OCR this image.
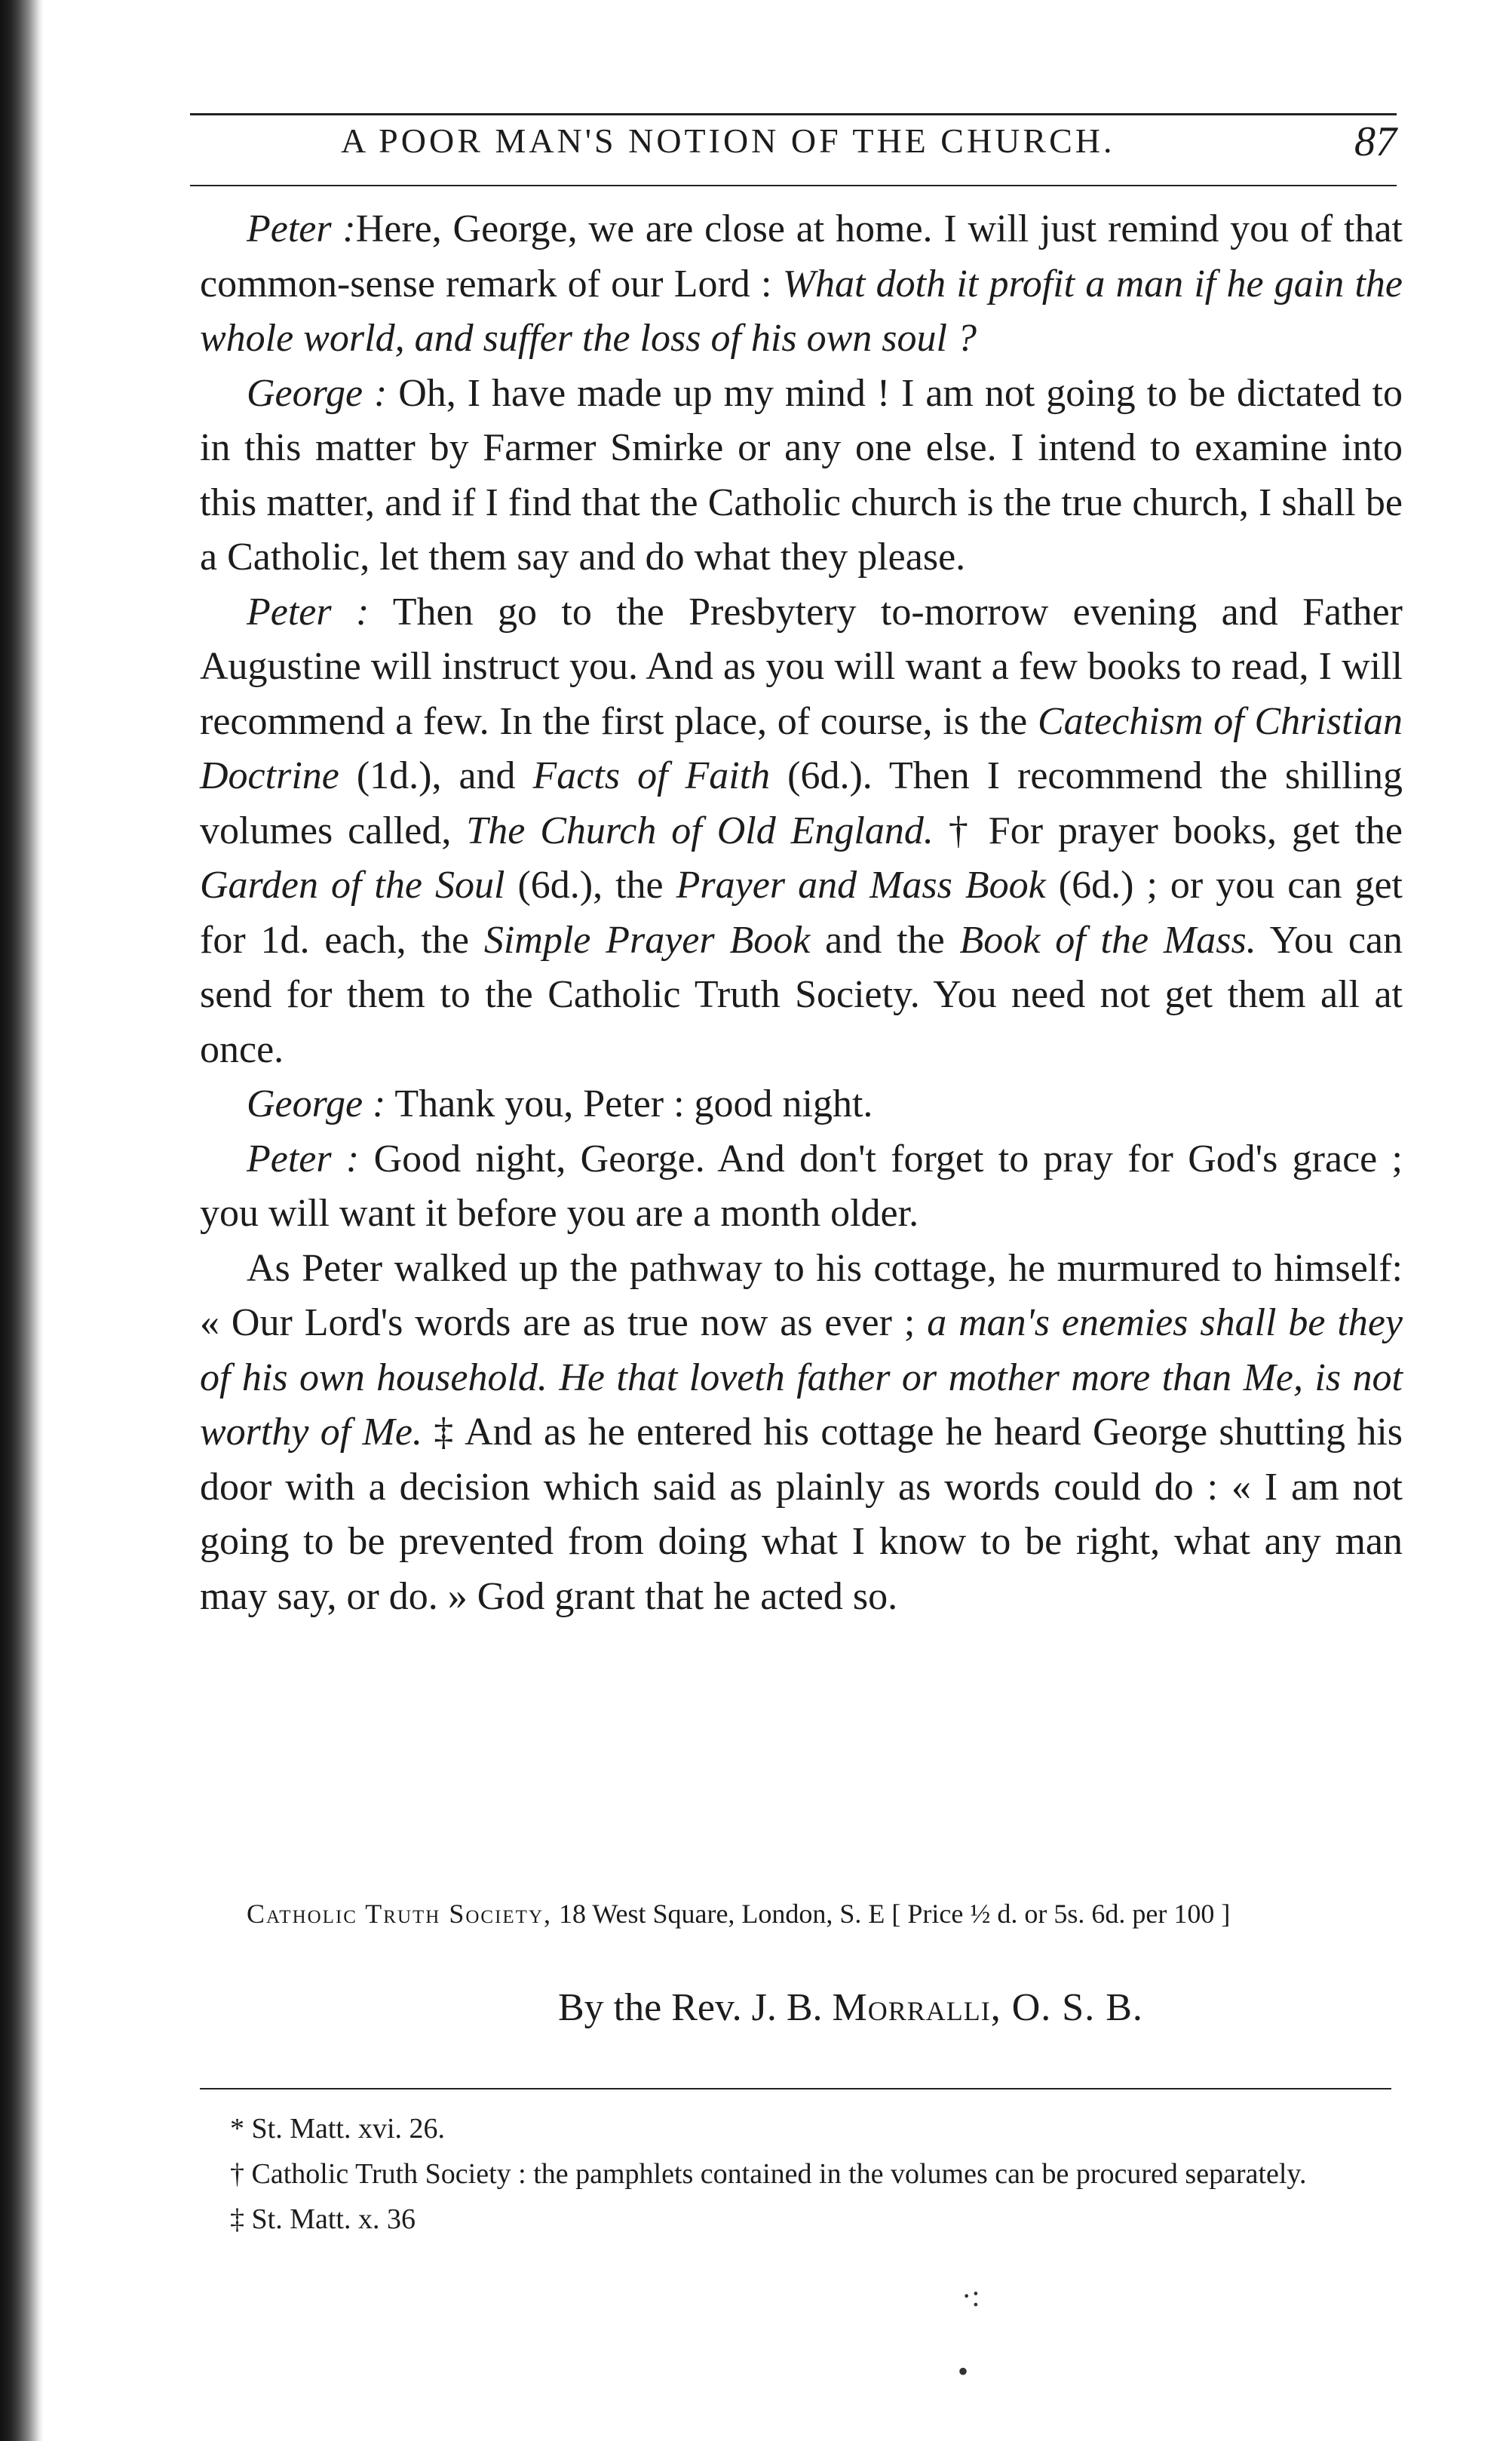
A POOR MAN'S NOTION OF THE CHURCH.	87

Peter :Here, George, we are close at home. I will just remind you of that common-sense remark of our Lord : What doth it profit a man if he gain the whole world, and suffer the loss of his own soul ?

George : Oh, I have made up my mind ! I am not going to be dictated to in this matter by Farmer Smirke or any one else. I intend to examine into this matter, and if I find that the Catholic church is the true church, I shall be a Catholic, let them say and do what they please.

Peter : Then go to the Presbytery to-morrow evening and Father Augustine will instruct you. And as you will want a few books to read, I will recommend a few. In the first place, of course, is the Catechism of Christian Doctrine (1d.), and Facts of Faith (6d.). Then I recommend the shilling volumes called, The Church of Old England. † For prayer books, get the Garden of the Soul (6d.), the Prayer and Mass Book (6d.) ; or you can get for 1d. each, the Simple Prayer Book and the Book of the Mass. You can send for them to the Catholic Truth Society. You need not get them all at once.

George : Thank you, Peter : good night.

Peter : Good night, George. And don't forget to pray for God's grace ; you will want it before you are a month older.

As Peter walked up the pathway to his cottage, he murmured to himself: « Our Lord's words are as true now as ever ; a man's enemies shall be they of his own household. He that loveth father or mother more than Me, is not worthy of Me. ‡ And as he entered his cottage he heard George shutting his door with a decision which said as plainly as words could do : « I am not going to be prevented from doing what I know to be right, what any man may say, or do. » God grant that he acted so.

Catholic Truth Society, 18 West Square, London, S. E [ Price ½ d. or 5s. 6d. per 100 ]
By the Rev. J. B. Morralli, O. S. B.

* St. Matt. xvi. 26.

† Catholic Truth Society : the pamphlets contained in the volumes can be procured separately.

‡ St. Matt. x. 36

·:
•
